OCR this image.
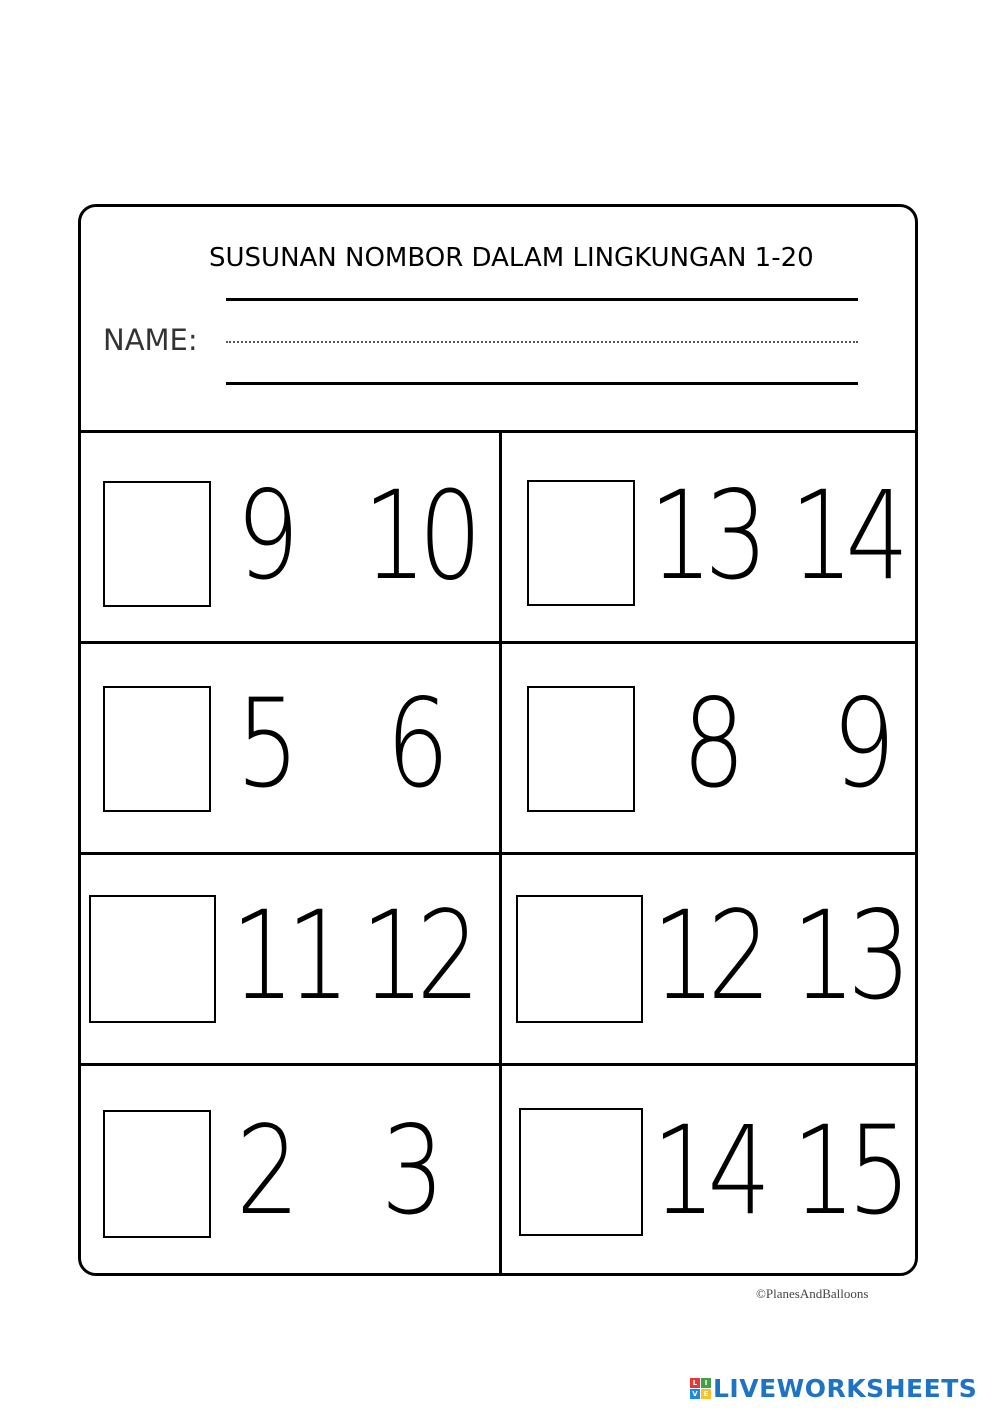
SUSUNAN NOMBOR DALAM LINGKUNGAN 1-20
NAME:
9 10 13 14
5 6 8 9
11 12 12 13
2 3 14 15
©PlanesAndBalloons
L	I
V E LIVEWORKSHEETS
